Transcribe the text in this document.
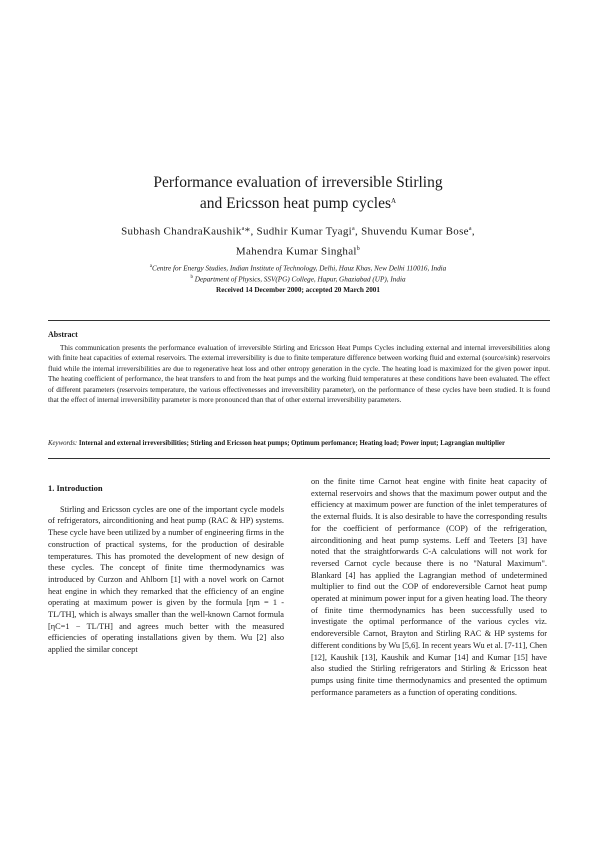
Performance evaluation of irreversible Stirling
and Ericsson heat pump cycles$^A$
Subhash ChandraKaushik$^a$*, Sudhir Kumar Tyagi$^a$, Shuvendu Kumar Bose$^a$,
Mahendra Kumar Singhal$^b$
$^a$Centre for Energy Studies, Indian Institute of Technology, Delhi, Hauz Khas, New Delhi 110016, India
$^b$ Department of Physics, SSV(PG) College, Hapur, Ghaziabad (UP), India
Received 14 December 2000; accepted 20 March 2001
Abstract
This communication presents the performance evaluation of irreversible Stirling and Ericsson Heat Pumps Cycles including external and internal irreversibilities along with finite heat capacities of external reservoirs. The external irreversibility is due to finite temperature difference between working fluid and external (source/sink) reservoirs fluid while the internal irreversibilities are due to regenerative heat loss and other entropy generation in the cycle. The heating load is maximized for the given power input. The heating coefficient of performance, the heat transfers to and from the heat pumps and the working fluid temperatures at these conditions have been evaluated. The effect of different parameters (reservoirs temperature, the various effectivenesses and irreversibility parameter), on the performance of these cycles have been studied. It is found that the effect of internal irreversibility parameter is more pronounced than that of other external irreversibility parameters.
Keywords: Internal and external irreversibilities; Stirling and Ericsson heat pumps; Optimum perfomance; Heating load; Power input; Lagrangian multiplier
1. Introduction

Stirling and Ericsson cycles are one of the important cycle models of refrigerators, airconditioning and heat pump (RAC & HP) systems. These cycle have been utilized by a number of engineering firms in the construction of practical systems, for the production of desirable temperatures. This has promoted the development of new design of these cycles. The concept of finite time thermodynamics was introduced by Curzon and Ahlborn [1] with a novel work on Carnot heat engine in which they remarked that the efficiency of an engine operating at maximum power is given by the formula [ηm = 1 - TL/TH], which is always smaller than the well-known Carnot formula [ηC=1 − TL/TH] and agrees much better with the measured efficiencies of operating installations given by them. Wu [2] also applied the similar concept

on the finite time Carnot heat engine with finite heat capacity of external reservoirs and shows that the maximum power output and the efficiency at maximum power are function of the inlet temperatures of the external fluids. It is also desirable to have the corresponding results for the coefficient of performance (COP) of the refrigeration, airconditioning and heat pump systems. Leff and Teeters [3] have noted that the straightforwards C-A calculations will not work for reversed Carnot cycle because there is no "Natural Maximum". Blankard [4] has applied the Lagrangian method of undetermined multiplier to find out the COP of endoreversible Carnot heat pump operated at minimum power input for a given heating load. The theory of finite time thermodynamics has been successfully used to investigate the optimal performance of the various cycles viz. endoreversible Carnot, Brayton and Stirling RAC & HP systems for different conditions by Wu [5,6]. In recent years Wu et al. [7-11], Chen [12], Kaushik [13], Kaushik and Kumar [14] and Kumar [15] have also studied the Stirling refrigerators and Stirling & Ericsson heat pumps using finite time thermodynamics and presented the optimum performance parameters as a function of operating conditions.
